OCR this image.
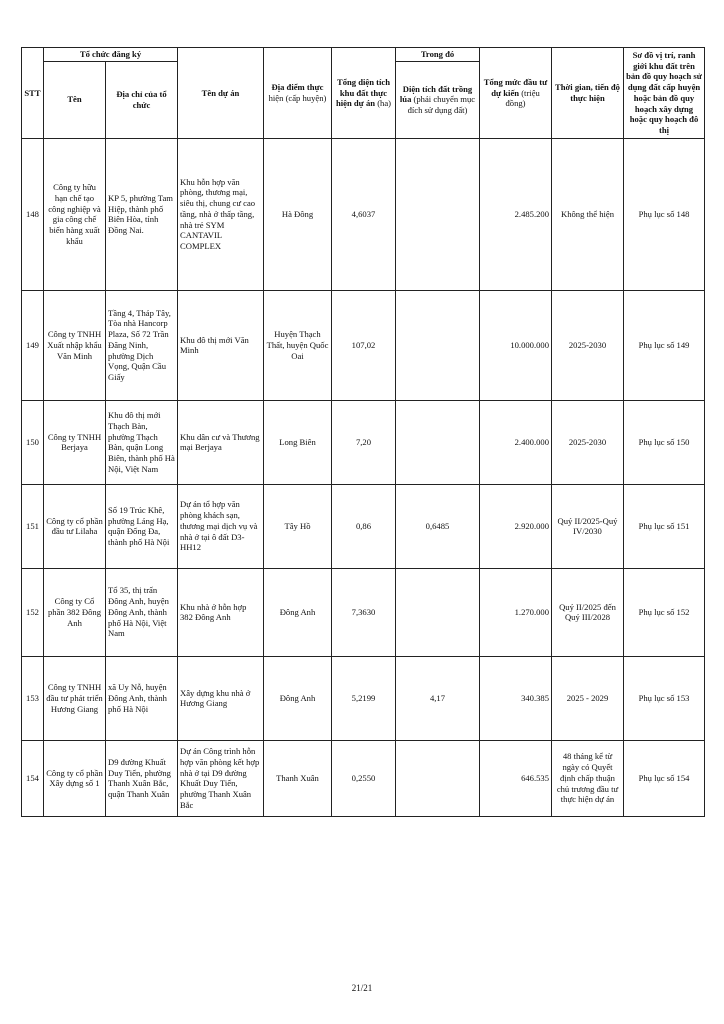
STT	Tổ chức đăng ký		Tên dự án	Địa điểm thực
hiện (cấp huyện)	Tổng diện tích khu đất thực hiện dự án (ha)	Trong đó	Tổng mức đầu tư dự kiến (triệu đồng)	Thời gian, tiến độ thực hiện	Sơ đồ vị trí, ranh giới khu đất trên bản đồ quy hoạch sử dụng đất cấp huyện hoặc bản đồ quy hoạch xây dựng hoặc quy hoạch đô thị
	Tên	Địa chỉ của tổ chức				Diện tích đất trồng lúa (phải chuyển mục đích sử dụng đất)			
148	Công ty hữu hạn chế tạo công nghiệp và gia công chế biến hàng xuất khẩu	KP 5, phường Tam Hiệp, thành phố Biên Hòa, tỉnh Đồng Nai.	Khu hỗn hợp văn phòng, thương mại, siêu thị, chung cư cao tầng, nhà ở thấp tầng, nhà trẻ SYM CANTAVIL COMPLEX	Hà Đông	4,6037		2.485.200	Không thể hiện	Phụ lục số 148
149	Công ty TNHH Xuất nhập khẩu Văn Minh	Tầng 4, Tháp Tây, Tòa nhà Hancorp Plaza, Số 72 Trần Đăng Ninh, phường Dịch Vọng, Quận Cầu Giấy	Khu đô thị mới Văn Minh	Huyện Thạch Thất, huyện Quốc Oai	107,02		10.000.000	2025-2030	Phụ lục số 149
150	Công ty TNHH Berjaya	Khu đô thị mới Thạch Bàn, phường Thạch Bàn, quận Long Biên, thành phố Hà Nội, Việt Nam	Khu dân cư và Thương mại Berjaya	Long Biên	7,20		2.400.000	2025-2030	Phụ lục số 150
151	Công ty cổ phần đầu tư Lilaha	Số 19 Trúc Khê, phường Láng Hạ, quận Đống Đa, thành phố Hà Nội	Dự án tổ hợp văn phòng khách sạn, thương mại dịch vụ và nhà ở tại ô đất D3-HH12	Tây Hồ	0,86	0,6485	2.920.000	Quý II/2025-Quý IV/2030	Phụ lục số 151
152	Công ty Cổ phần 382 Đông Anh	Tổ 35, thị trấn Đông Anh, huyện Đông Anh, thành phố Hà Nội, Việt Nam	Khu nhà ở hỗn hợp 382 Đông Anh	Đông Anh	7,3630		1.270.000	Quý II/2025 đến Quý III/2028	Phụ lục số 152
153	Công ty TNHH đầu tư phát triển Hương Giang	xã Uy Nỗ, huyện Đông Anh, thành phố Hà Nội	Xây dựng khu nhà ở Hương Giang	Đông Anh	5,2199	4,17	340.385	2025 - 2029	Phụ lục số 153
154	Công ty cổ phần Xây dựng số 1	D9 đường Khuất Duy Tiến, phường Thanh Xuân Bắc, quận Thanh Xuân	Dự án Công trình hỗn hợp văn phòng kết hợp nhà ở tại D9 đường Khuất Duy Tiến, phường Thanh Xuân Bắc	Thanh Xuân	0,2550		646.535	48 tháng kể từ ngày có Quyết định chấp thuận chủ trương đầu tư thực hiện dự án	Phụ lục số 154
21/21
